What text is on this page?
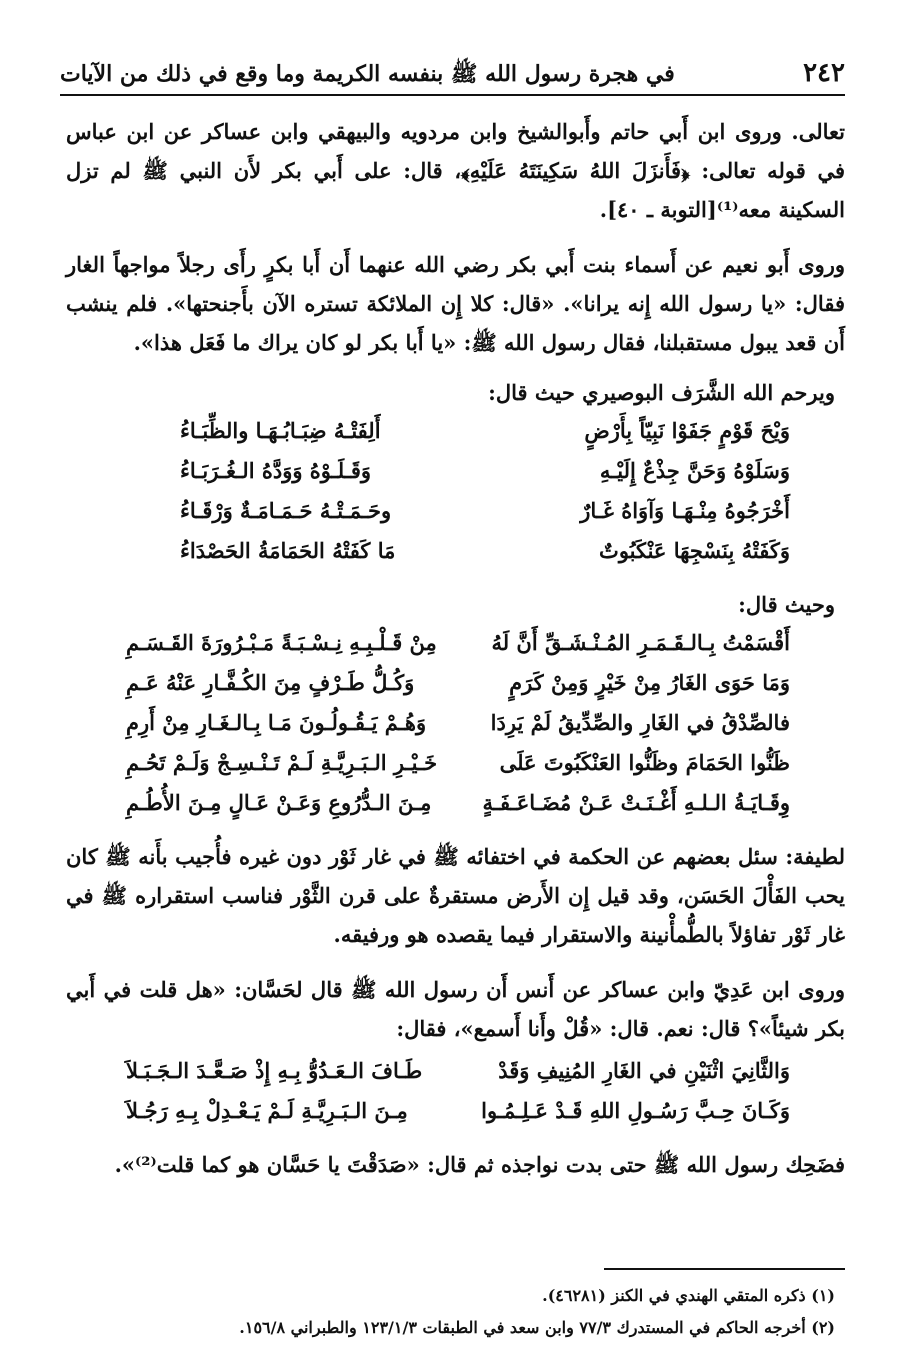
٢٤٢
في هجرة رسول الله ﷺ بنفسه الكريمة وما وقع في ذلك من الآيات

تعالى. وروى ابن أَبي حاتم وأَبوالشيخ وابن مردويه والبيهقي وابن عساكر عن ابن عباس في قوله تعالى: ﴿فَأَنزَلَ اللهُ سَكِينَتَهُ عَلَيْهِ﴾، قال: على أَبي بكر لأَن النبي ﷺ لم تزل السكينة معه⁽¹⁾[التوبة ـ ٤٠].

وروى أَبو نعيم عن أَسماء بنت أَبي بكر رضي الله عنهما أَن أَبا بكرٍ رأَى رجلاً مواجهاً الغار فقال: «يا رسول الله إِنه يرانا». «قال: كلا إِن الملائكة تستره الآن بأَجنحتها». فلم ينشب أَن قعد يبول مستقبلنا، فقال رسول الله ﷺ: «يا أَبا بكر لو كان يراك ما فَعَل هذا».

ويرحم الله الشَّرَف البوصيري حيث قال:
وَيْحَ قَوْمٍ جَفَوْا نَبِيّاً بِأَرْضٍ
أَلِفَتْـهُ ضِبَـابُـهَـا والظِّبَـاءُ
وَسَلَوْهُ وَحَنَّ جِذْعٌ إِلَيْـهِ
وَقَـلَـوْهُ وَوَدَّهُ الـغُـرَبَـاءُ
أَخْرَجُوهُ مِنْـهَـا وَآوَاهُ غَـارٌ
وحَـمَـتْـهُ حَـمَـامَـةٌ وَرْقَـاءُ
وَكَفَتْهُ بِنَسْجِهَا عَنْكَبُوتٌ
مَا كَفَتْهُ الحَمَامَةُ الحَصْدَاءُ
وحيث قال:
أَقْسَمْتُ بِـالـقَـمَـرِ المُـنْـشَـقِّ أَنَّ لَهُ
مِنْ قَـلْـبِـهِ نِـسْـبَـةً مَـبْـرُورَةَ القَـسَـمِ
وَمَا حَوَى الغَارُ مِنْ خَيْرٍ وَمِنْ كَرَمٍ
وَكُـلُّ طَـرْفٍ مِنَ الكُـفَّـارِ عَنْهُ عَـمِ
فالصِّدْقُ في الغَارِ والصِّدِّيقُ لَمْ يَرِدَا
وَهُـمْ يَـقُـولُـونَ مَـا بِـالـغَـارِ مِنْ أَرِمِ
ظَنُّوا الحَمَامَ وظَنُّوا العَنْكَبُوتَ عَلَى
خَـيْـرِ الـبَـرِيَّـةِ لَـمْ تَـنْـسِـجْ وَلَـمْ تَحُـمِ
وِقَـايَـةُ الـلـهِ أَغْـنَـتْ عَـنْ مُضَـاعَـفَـةٍ
مِـنَ الـدُّرُوعِ وَعَـنْ عَـالٍ مِـنَ الأُطُـمِ

لطيفة: سئل بعضهم عن الحكمة في اختفائه ﷺ في غار ثَوْر دون غيره فأُجيب بأَنه ﷺ كان يحب الفَأْلَ الحَسَن، وقد قيل إِن الأَرض مستقرةٌ على قرن الثَّوْر فناسب استقراره ﷺ في غار ثَوْر تفاؤلاً بالطُّمأْنينة والاستقرار فيما يقصده هو ورفيقه.

وروى ابن عَدِيّ وابن عساكر عن أَنس أَن رسول الله ﷺ قال لحَسَّان: «هل قلت في أَبي بكر شيئاً»؟ قال: نعم. قال: «قُلْ وأَنا أَسمع»، فقال:

وَالثَّانِيَ اثْنَيْنِ في الغَارِ المُنِيفِ وَقَدْ
طَـافَ الـعَـدُوُّ بِـهِ إِذْ صَـعَّـدَ الـجَـبَـلاَ
وَكَـانَ حِـبَّ رَسُـولِ اللهِ قَـدْ عَـلِـمُـوا
مِـنَ الـبَـرِيَّـةِ لَـمْ يَـعْـدِلْ بِـهِ رَجُـلاَ

فضَحِك رسول الله ﷺ حتى بدت نواجذه ثم قال: «صَدَقْتَ يا حَسَّان هو كما قلت⁽²⁾».

(١) ذكره المتقي الهندي في الكنز (٤٦٢٨١).
(٢) أخرجه الحاكم في المستدرك ٧٧/٣ وابن سعد في الطبقات ١٢٣/١/٣ والطبراني ١٥٦/٨.
